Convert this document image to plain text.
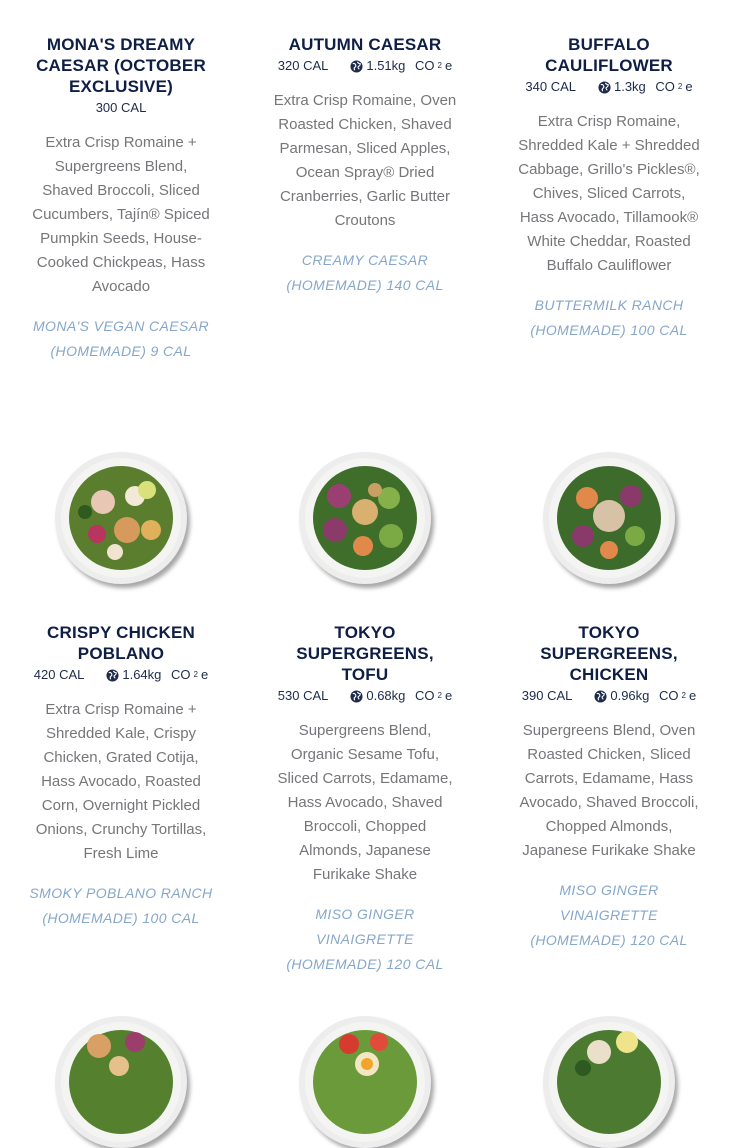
MONA'S DREAMY CAESAR (OCTOBER EXCLUSIVE)
300 CAL
Extra Crisp Romaine + Supergreens Blend, Shaved Broccoli, Sliced Cucumbers, Tajín® Spiced Pumpkin Seeds, House-Cooked Chickpeas, Hass Avocado
MONA'S VEGAN CAESAR (HOMEMADE) 9 CAL
AUTUMN CAESAR
320 CAL	1.51kg
CO 2 e
Extra Crisp Romaine, Oven Roasted Chicken, Shaved Parmesan, Sliced Apples, Ocean Spray® Dried Cranberries, Garlic Butter Croutons
CREAMY CAESAR (HOMEMADE) 140 CAL
BUFFALO CAULIFLOWER
340 CAL	1.3kg
CO 2 e
Extra Crisp Romaine, Shredded Kale + Shredded Cabbage, Grillo's Pickles®, Chives, Sliced Carrots, Hass Avocado, Tillamook® White Cheddar, Roasted Buffalo Cauliflower
BUTTERMILK RANCH (HOMEMADE) 100 CAL
CRISPY CHICKEN POBLANO
420 CAL	1.64kg
CO 2 e
Extra Crisp Romaine + Shredded Kale, Crispy Chicken, Grated Cotija, Hass Avocado, Roasted Corn, Overnight Pickled Onions, Crunchy Tortillas, Fresh Lime
SMOKY POBLANO RANCH (HOMEMADE) 100 CAL
TOKYO SUPERGREENS, TOFU
530 CAL	0.68kg
CO 2 e
Supergreens Blend, Organic Sesame Tofu, Sliced Carrots, Edamame, Hass Avocado, Shaved Broccoli, Chopped Almonds, Japanese Furikake Shake
MISO GINGER VINAIGRETTE (HOMEMADE) 120 CAL
TOKYO SUPERGREENS, CHICKEN
390 CAL	0.96kg
CO 2 e
Supergreens Blend, Oven Roasted Chicken, Sliced Carrots, Edamame, Hass Avocado, Shaved Broccoli, Chopped Almonds, Japanese Furikake Shake
MISO GINGER VINAIGRETTE (HOMEMADE) 120 CAL
